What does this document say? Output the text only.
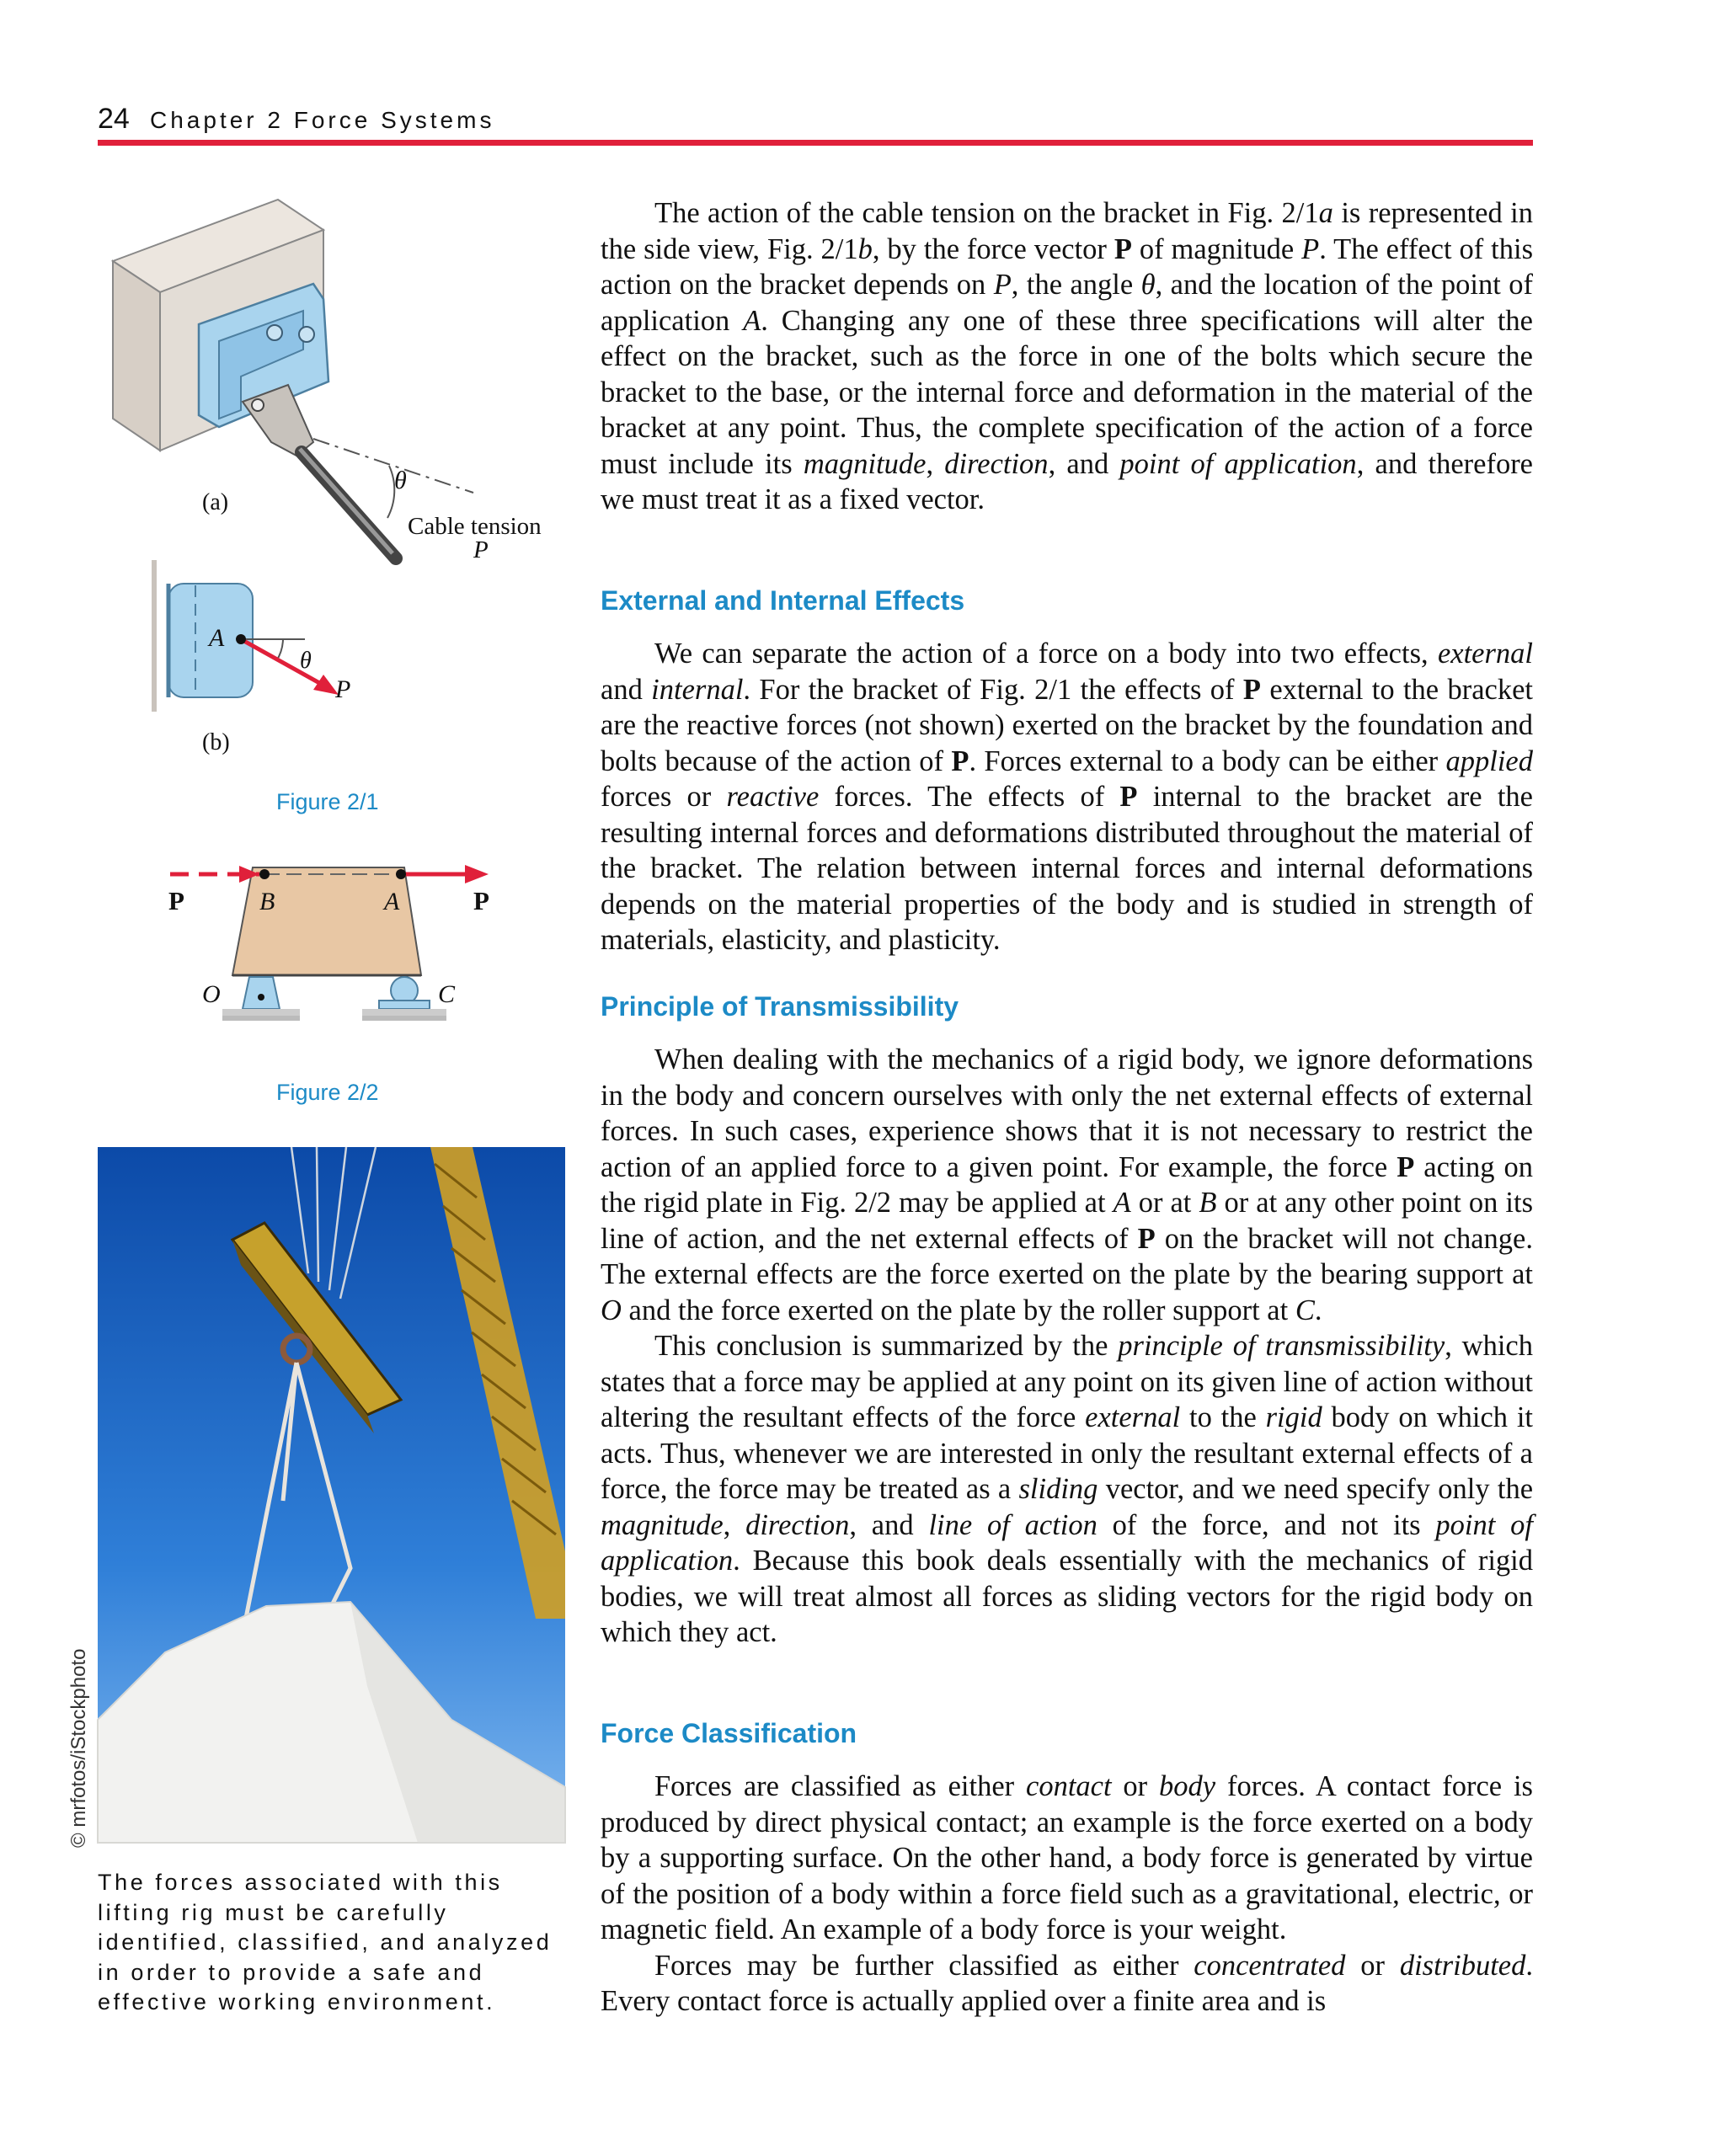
24 Chapter 2 Force Systems
θ
(a)
Cable tension
P
A
θ
P
(b)
Figure 2/1
P	P
B	A
O	C
Figure 2/2
© mrfotos/iStockphoto
The forces associated with this lifting rig must be carefully identified, classified, and analyzed in order to provide a safe and effective working environment.

The action of the cable tension on the bracket in Fig. 2/1a is represented in the side view, Fig. 2/1b, by the force vector P of magnitude P. The effect of this action on the bracket depends on P, the angle θ, and the location of the point of application A. Changing any one of these three specifications will alter the effect on the bracket, such as the force in one of the bolts which secure the bracket to the base, or the internal force and deformation in the material of the bracket at any point. Thus, the complete specification of the action of a force must include its magnitude, direction, and point of application, and therefore we must treat it as a fixed vector.

External and Internal Effects

We can separate the action of a force on a body into two effects, external and internal. For the bracket of Fig. 2/1 the effects of P external to the bracket are the reactive forces (not shown) exerted on the bracket by the foundation and bolts because of the action of P. Forces external to a body can be either applied forces or reactive forces. The effects of P internal to the bracket are the resulting internal forces and deformations distributed throughout the material of the bracket. The relation between internal forces and internal deformations depends on the material properties of the body and is studied in strength of materials, elasticity, and plasticity.

Principle of Transmissibility

When dealing with the mechanics of a rigid body, we ignore deformations in the body and concern ourselves with only the net external effects of external forces. In such cases, experience shows that it is not necessary to restrict the action of an applied force to a given point. For example, the force P acting on the rigid plate in Fig. 2/2 may be applied at A or at B or at any other point on its line of action, and the net external effects of P on the bracket will not change. The external effects are the force exerted on the plate by the bearing support at O and the force exerted on the plate by the roller support at C.

This conclusion is summarized by the principle of transmissibility, which states that a force may be applied at any point on its given line of action without altering the resultant effects of the force external to the rigid body on which it acts. Thus, whenever we are interested in only the resultant external effects of a force, the force may be treated as a sliding vector, and we need specify only the magnitude, direction, and line of action of the force, and not its point of application. Because this book deals essentially with the mechanics of rigid bodies, we will treat almost all forces as sliding vectors for the rigid body on which they act.

Force Classification

Forces are classified as either contact or body forces. A contact force is produced by direct physical contact; an example is the force exerted on a body by a supporting surface. On the other hand, a body force is generated by virtue of the position of a body within a force field such as a gravitational, electric, or magnetic field. An example of a body force is your weight.

Forces may be further classified as either concentrated or distributed. Every contact force is actually applied over a finite area and is
